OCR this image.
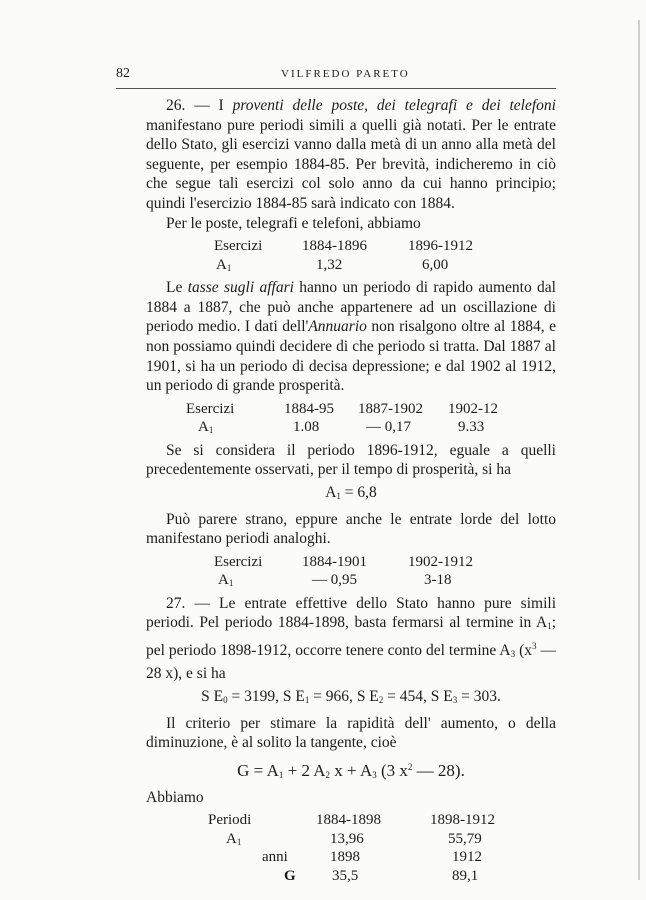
82	VILFREDO PARETO

26. — I proventi delle poste, dei telegrafi e dei telefoni manifestano pure periodi simili a quelli già notati. Per le entrate dello Stato, gli esercizi vanno dalla metà di un anno alla metà del seguente, per esempio 1884-85. Per brevità, indicheremo in ciò che segue tali esercizi col solo anno da cui hanno principio; quindi l'esercizio 1884-85 sarà indicato con 1884.

Per le poste, telegrafi e telefoni, abbiamo

Esercizi	1884-1896	1896-1912
$A_1$	1,32	6,00

Le tasse sugli affari hanno un periodo di rapido aumento dal 1884 a 1887, che può anche appartenere ad un oscillazione di periodo medio. I dati dell'Annuario non risalgono oltre al 1884, e non possiamo quindi decidere di che periodo si tratta. Dal 1887 al 1901, si ha un periodo di decisa depressione; e dal 1902 al 1912, un periodo di grande prosperità.

Esercizi	1884-95 1887-1902 1902-12
$A_1$	1.08	— 0,17	9.33

Se si considera il periodo 1896-1912, eguale a quelli precedentemente osservati, per il tempo di prosperità, si ha

$A_1 = 6,8$

Può parere strano, eppure anche le entrate lorde del lotto manifestano periodi analoghi.

Esercizi	1884-1901	1902-1912
$A_1$	— 0,95	3-18

27. — Le entrate effettive dello Stato hanno pure simili periodi. Pel periodo 1884-1898, basta fermarsi al termine in $A_1$; pel periodo 1898-1912, occorre tenere conto del termine $A_3$ ($x^3$ — 28 x), e si ha

S $E_0 = 3199$, S $E_1 = 966$, S $E_2 = 454$, S $E_3 = 303$.

Il criterio per stimare la rapidità dell' aumento, o della diminuzione, è al solito la tangente, cioè

$G = A_1 + 2$ $A_2$ $x + A_3$ (3 $x^2$ — 28).

Abbiamo

Periodi	1884-1898	1898-1912
$A_1$	13,96	55,79
anni	1898	1912
G 35,5	89,1
